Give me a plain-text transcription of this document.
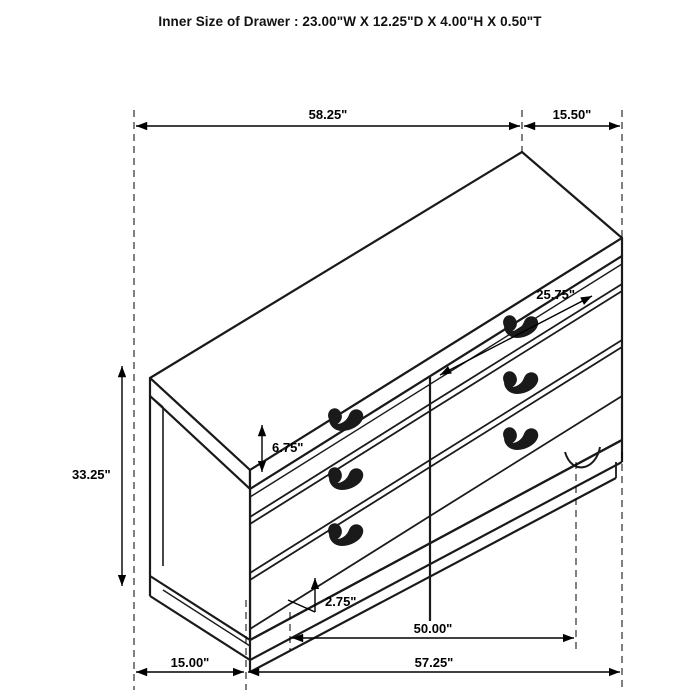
Inner Size of Drawer : 23.00"W X 12.25"D X 4.00"H X 0.50"T
58.25"	15.50"
25.75"
6.75"
33.25"
2.75"
50.00"
15.00"	57.25"
